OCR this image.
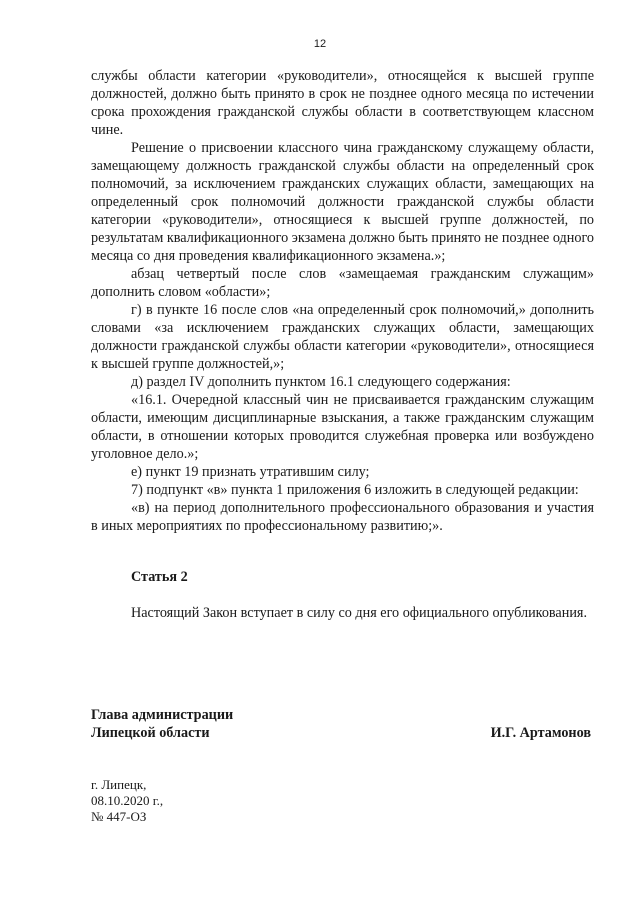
12

службы области категории «руководители», относящейся к высшей группе должностей, должно быть принято в срок не позднее одного месяца по истечении срока прохождения гражданской службы области в соответствующем классном чине.

Решение о присвоении классного чина гражданскому служащему области, замещающему должность гражданской службы области на определенный срок полномочий, за исключением гражданских служащих области, замещающих на определенный срок полномочий должности гражданской службы области категории «руководители», относящиеся к высшей группе должностей, по результатам квалификационного экзамена должно быть принято не позднее одного месяца со дня проведения квалификационного экзамена.»;

абзац четвертый после слов «замещаемая гражданским служащим» дополнить словом «области»;

г) в пункте 16 после слов «на определенный срок полномочий,» дополнить словами «за исключением гражданских служащих области, замещающих должности гражданской службы области категории «руководители», относящиеся к высшей группе должностей,»;

д) раздел IV дополнить пунктом 16.1 следующего содержания:

«16.1. Очередной классный чин не присваивается гражданским служащим области, имеющим дисциплинарные взыскания, а также гражданским служащим области, в отношении которых проводится служебная проверка или возбуждено уголовное дело.»;

е) пункт 19 признать утратившим силу;

7) подпункт «в» пункта 1 приложения 6 изложить в следующей редакции:

«в) на период дополнительного профессионального образования и участия в иных мероприятиях по профессиональному развитию;».

Статья 2

Настоящий Закон вступает в силу со дня его официального опубликования.

Глава администрации
Липецкой области	И.Г. Артамонов
г. Липецк,
08.10.2020 г.,
№ 447-ОЗ
